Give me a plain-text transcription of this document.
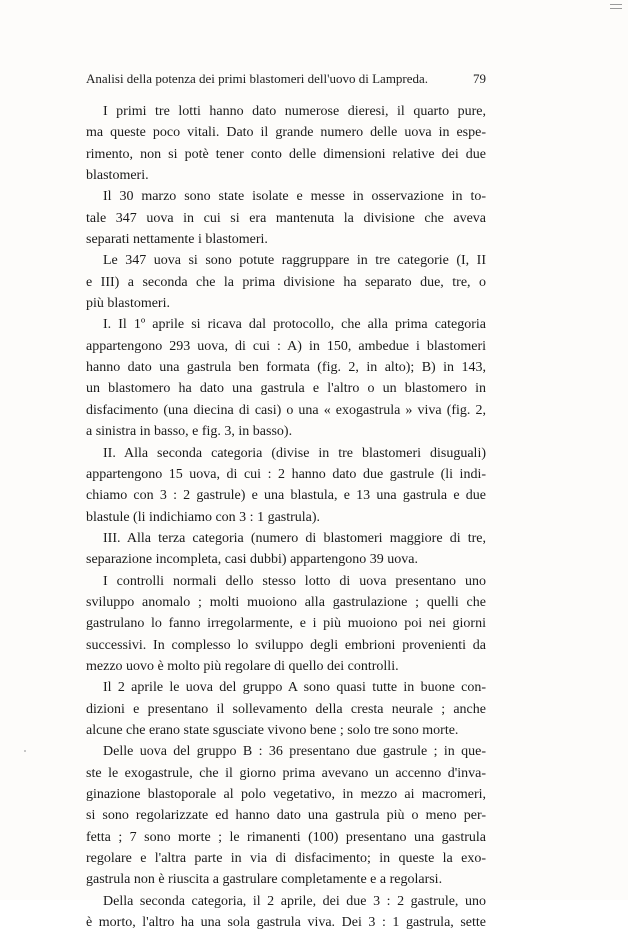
Analisi della potenza dei primi blastomeri dell'uovo di Lampreda.	79
I primi tre lotti hanno dato numerose dieresi, il quarto pure,
ma queste poco vitali. Dato il grande numero delle uova in espe-
rimento, non si potè tener conto delle dimensioni relative dei due
blastomeri.
Il 30 marzo sono state isolate e messe in osservazione in to-
tale 347 uova in cui si era mantenuta la divisione che aveva
separati nettamente i blastomeri.
Le 347 uova si sono potute raggruppare in tre categorie (I, II
e III) a seconda che la prima divisione ha separato due, tre, o
più blastomeri.
I. Il 1º aprile si ricava dal protocollo, che alla prima categoria
appartengono 293 uova, di cui : A) in 150, ambedue i blastomeri
hanno dato una gastrula ben formata (fig. 2, in alto); B) in 143,
un blastomero ha dato una gastrula e l'altro o un blastomero in
disfacimento (una diecina di casi) o una « exogastrula » viva (fig. 2,
a sinistra in basso, e fig. 3, in basso).
II. Alla seconda categoria (divise in tre blastomeri disuguali)
appartengono 15 uova, di cui : 2 hanno dato due gastrule (li indi-
chiamo con 3 : 2 gastrule) e una blastula, e 13 una gastrula e due
blastule (li indichiamo con 3 : 1 gastrula).
III. Alla terza categoria (numero di blastomeri maggiore di tre,
separazione incompleta, casi dubbi) appartengono 39 uova.
I controlli normali dello stesso lotto di uova presentano uno
sviluppo anomalo ; molti muoiono alla gastrulazione ; quelli che
gastrulano lo fanno irregolarmente, e i più muoiono poi nei giorni
successivi. In complesso lo sviluppo degli embrioni provenienti da
mezzo uovo è molto più regolare di quello dei controlli.
Il 2 aprile le uova del gruppo A sono quasi tutte in buone con-
dizioni e presentano il sollevamento della cresta neurale ; anche
alcune che erano state sgusciate vivono bene ; solo tre sono morte.
Delle uova del gruppo B : 36 presentano due gastrule ; in que-
ste le exogastrule, che il giorno prima avevano un accenno d'inva-
ginazione blastoporale al polo vegetativo, in mezzo ai macromeri,
si sono regolarizzate ed hanno dato una gastrula più o meno per-
fetta ; 7 sono morte ; le rimanenti (100) presentano una gastrula
regolare e l'altra parte in via di disfacimento; in queste la exo-
gastrula non è riuscita a gastrulare completamente e a regolarsi.
Della seconda categoria, il 2 aprile, dei due 3 : 2 gastrule, uno
è morto, l'altro ha una sola gastrula viva. Dei 3 : 1 gastrula, sette
